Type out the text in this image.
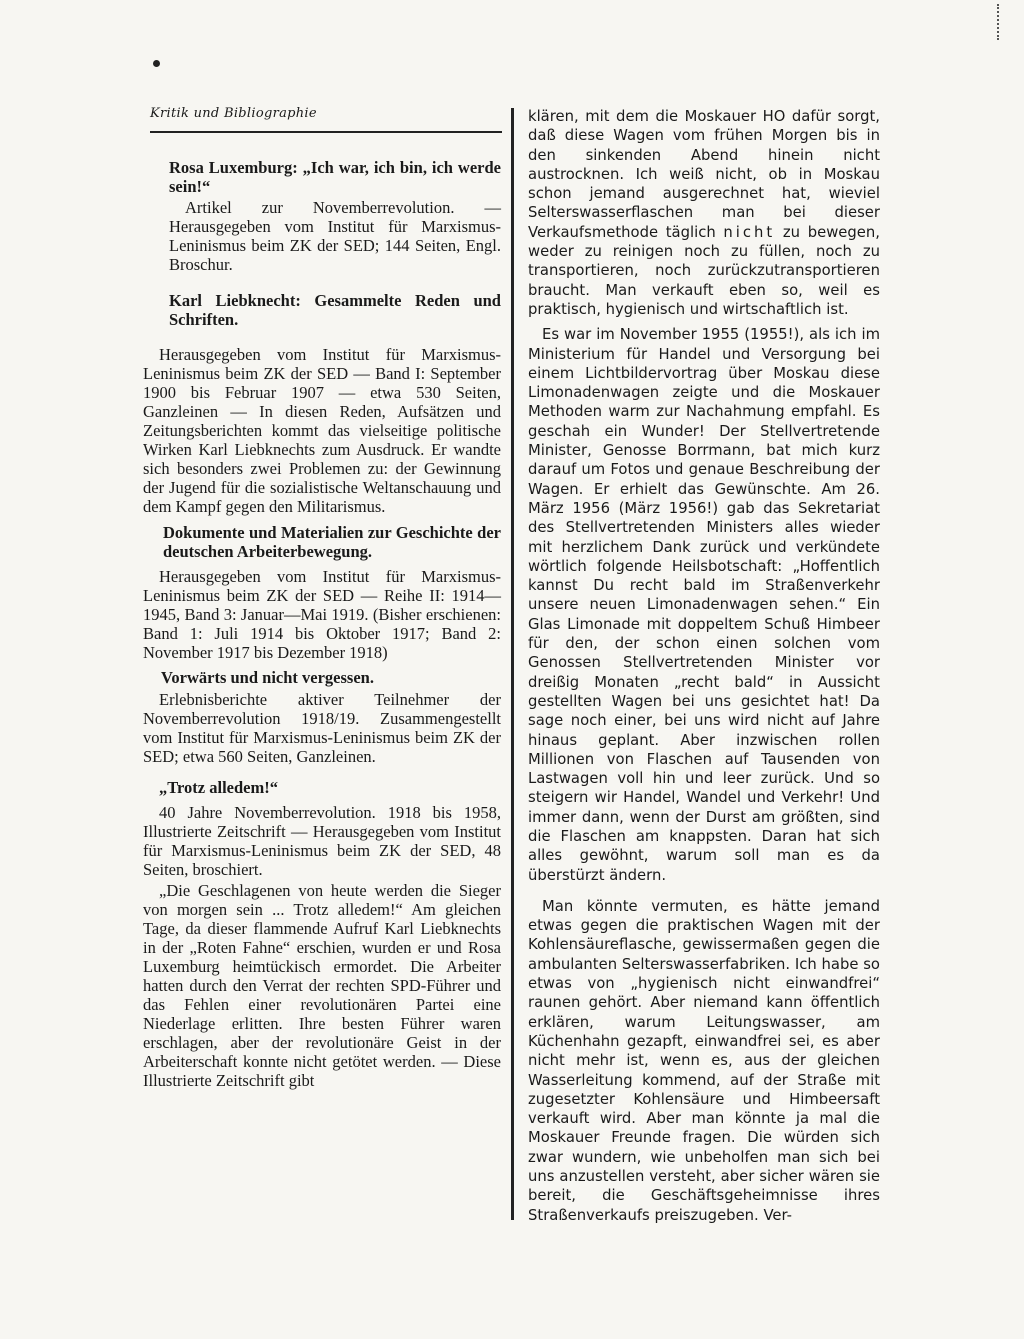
Kritik und Bibliographie

Rosa Luxemburg: „Ich war, ich bin, ich werde sein!“

Artikel zur Novemberrevolution. — Herausgegeben vom Institut für Marxismus-Leninismus beim ZK der SED; 144 Seiten, Engl. Broschur.

Karl Liebknecht: Gesammelte Reden und Schriften.

Herausgegeben vom Institut für Marxismus-Leninismus beim ZK der SED — Band I: September 1900 bis Februar 1907 — etwa 530 Seiten, Ganzleinen — In diesen Reden, Aufsätzen und Zeitungsberichten kommt das vielseitige politische Wirken Karl Liebknechts zum Ausdruck. Er wandte sich besonders zwei Problemen zu: der Gewinnung der Jugend für die sozialistische Weltanschauung und dem Kampf gegen den Militarismus.

Dokumente und Materialien zur Geschichte der deutschen Arbeiterbewegung.

Herausgegeben vom Institut für Marxismus-Leninismus beim ZK der SED — Reihe II: 1914—1945, Band 3: Januar—Mai 1919. (Bisher erschienen: Band 1: Juli 1914 bis Oktober 1917; Band 2: November 1917 bis Dezember 1918)

Vorwärts und nicht vergessen.

Erlebnisberichte aktiver Teilnehmer der Novemberrevolution 1918/19. Zusammengestellt vom Institut für Marxismus-Leninismus beim ZK der SED; etwa 560 Seiten, Ganzleinen.

„Trotz alledem!“

40 Jahre Novemberrevolution. 1918 bis 1958, Illustrierte Zeitschrift — Herausgegeben vom Institut für Marxismus-Leninismus beim ZK der SED, 48 Seiten, broschiert.

„Die Geschlagenen von heute werden die Sieger von morgen sein ... Trotz alledem!“ Am gleichen Tage, da dieser flammende Aufruf Karl Liebknechts in der „Roten Fahne“ erschien, wurden er und Rosa Luxemburg heimtückisch ermordet. Die Arbeiter hatten durch den Verrat der rechten SPD-Führer und das Fehlen einer revolutionären Partei eine Niederlage erlitten. Ihre besten Führer waren erschlagen, aber der revolutionäre Geist in der Arbeiterschaft konnte nicht getötet werden. — Diese Illustrierte Zeitschrift gibt

klären, mit dem die Moskauer HO dafür sorgt, daß diese Wagen vom frühen Morgen bis in den sinkenden Abend hinein nicht austrocknen. Ich weiß nicht, ob in Moskau schon jemand ausgerechnet hat, wieviel Selterswasserflaschen man bei dieser Verkaufsmethode täglich nicht zu bewegen, weder zu reinigen noch zu füllen, noch zu transportieren, noch zurückzutransportieren braucht. Man verkauft eben so, weil es praktisch, hygienisch und wirtschaftlich ist.

Es war im November 1955 (1955!), als ich im Ministerium für Handel und Versorgung bei einem Lichtbildervortrag über Moskau diese Limonadenwagen zeigte und die Moskauer Methoden warm zur Nachahmung empfahl. Es geschah ein Wunder! Der Stellvertretende Minister, Genosse Borrmann, bat mich kurz darauf um Fotos und genaue Beschreibung der Wagen. Er erhielt das Gewünschte. Am 26. März 1956 (März 1956!) gab das Sekretariat des Stellvertretenden Ministers alles wieder mit herzlichem Dank zurück und verkündete wörtlich folgende Heilsbotschaft: „Hoffentlich kannst Du recht bald im Straßenverkehr unsere neuen Limonadenwagen sehen.“ Ein Glas Limonade mit doppeltem Schuß Himbeer für den, der schon einen solchen vom Genossen Stellvertretenden Minister vor dreißig Monaten „recht bald“ in Aussicht gestellten Wagen bei uns gesichtet hat! Da sage noch einer, bei uns wird nicht auf Jahre hinaus geplant. Aber inzwischen rollen Millionen von Flaschen auf Tausenden von Lastwagen voll hin und leer zurück. Und so steigern wir Handel, Wandel und Verkehr! Und immer dann, wenn der Durst am größten, sind die Flaschen am knappsten. Daran hat sich alles gewöhnt, warum soll man es da überstürzt ändern.

Man könnte vermuten, es hätte jemand etwas gegen die praktischen Wagen mit der Kohlensäureflasche, gewissermaßen gegen die ambulanten Selterswasserfabriken. Ich habe so etwas von „hygienisch nicht einwandfrei“ raunen gehört. Aber niemand kann öffentlich erklären, warum Leitungswasser, am Küchenhahn gezapft, einwandfrei sei, es aber nicht mehr ist, wenn es, aus der gleichen Wasserleitung kommend, auf der Straße mit zugesetzter Kohlensäure und Himbeersaft verkauft wird. Aber man könnte ja mal die Moskauer Freunde fragen. Die würden sich zwar wundern, wie unbeholfen man sich bei uns anzustellen versteht, aber sicher wären sie bereit, die Geschäftsgeheimnisse ihres Straßenverkaufs preiszugeben. Ver-
